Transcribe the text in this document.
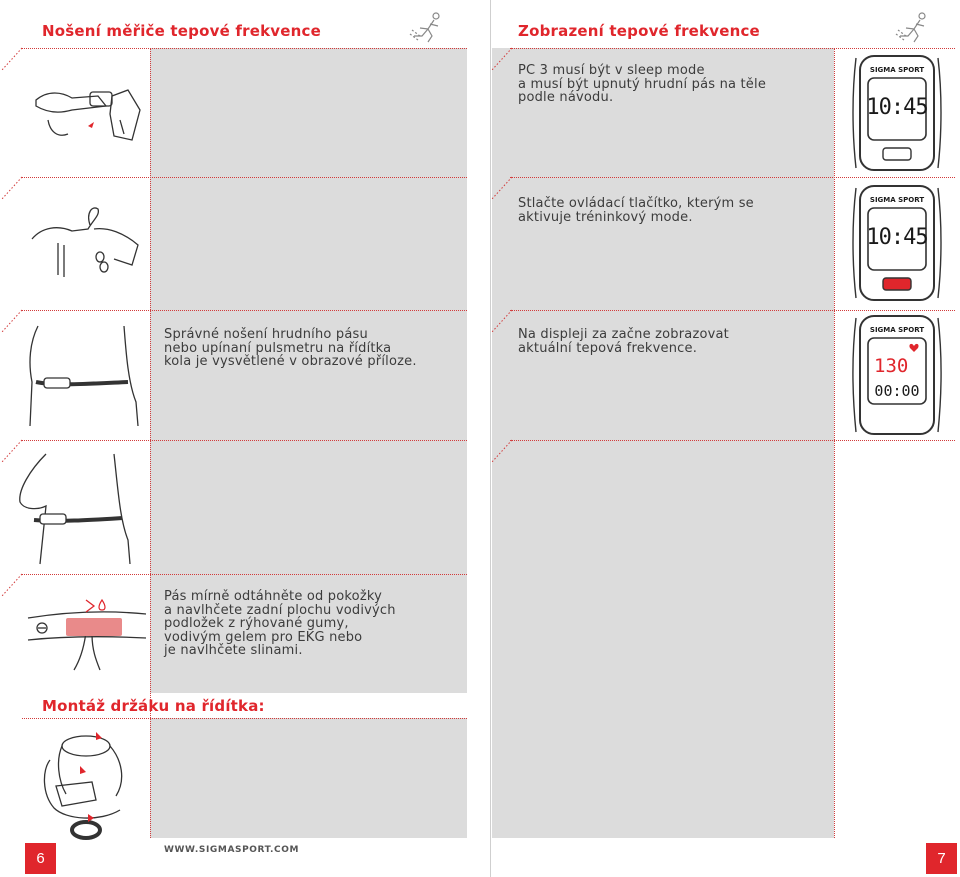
Nošení měřiče tepové frekvence
Správné nošení hrudního pásu
nebo upínaní pulsmetru na řídítka
kola je vysvětlené v obrazové příloze.
Pás mírně odtáhněte od pokožky
a navlhčete zadní plochu vodivých
podložek z rýhované gumy,
vodivým gelem pro EKG nebo
je navlhčete slinami.
Montáž držáku na řídítka:
6	WWW.SIGMASPORT.COM
Zobrazení tepové frekvence
PC 3 musí být v sleep mode
a musí být upnutý hrudní pás na těle
podle návodu.
Stlačte ovládací tlačítko, kterým se
aktivuje tréninkový mode.
Na displeji za začne zobrazovat
aktuální tepová frekvence.
SIGMA SPORT
10:45
SIGMA SPORT
10:45
SIGMA SPORT
130
00:00
7
